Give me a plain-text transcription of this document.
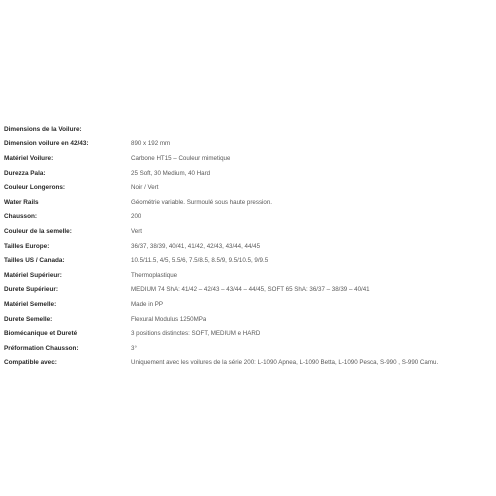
Dimensions de la Voilure:
Dimension voilure en 42/43:	890 x 192 mm
Matériel Voilure:	Carbone HT15 – Couleur mimetique
Durezza Pala:	25 Soft, 30 Medium, 40 Hard
Couleur Longerons:	Noir / Vert
Water Rails	Géométrie variable. Surmoulé sous haute pression.
Chausson:	200
Couleur de la semelle:	Vert
Tailles Europe:	36/37, 38/39, 40/41, 41/42, 42/43, 43/44, 44/45
Tailles US / Canada:	10.5/11.5, 4/5, 5.5/6, 7.5/8.5, 8.5/9, 9.5/10.5, 9/9.5
Matériel Supérieur:	Thermoplastique
Durete Supérieur:	MEDIUM 74 ShA: 41/42 – 42/43 – 43/44 – 44/45, SOFT 65 ShA: 36/37 – 38/39 – 40/41
Matériel Semelle:	Made in PP
Durete Semelle:	Flexural Modulus 1250MPa
Biomécanique et Dureté	3 positions distinctes: SOFT, MEDIUM e HARD
Préformation Chausson:	3°
Compatible avec:	Uniquement avec les voilures de la série 200: L-1090 Apnea, L-1090 Betta, L-1090 Pesca, S-990 , S-990 Camu.
